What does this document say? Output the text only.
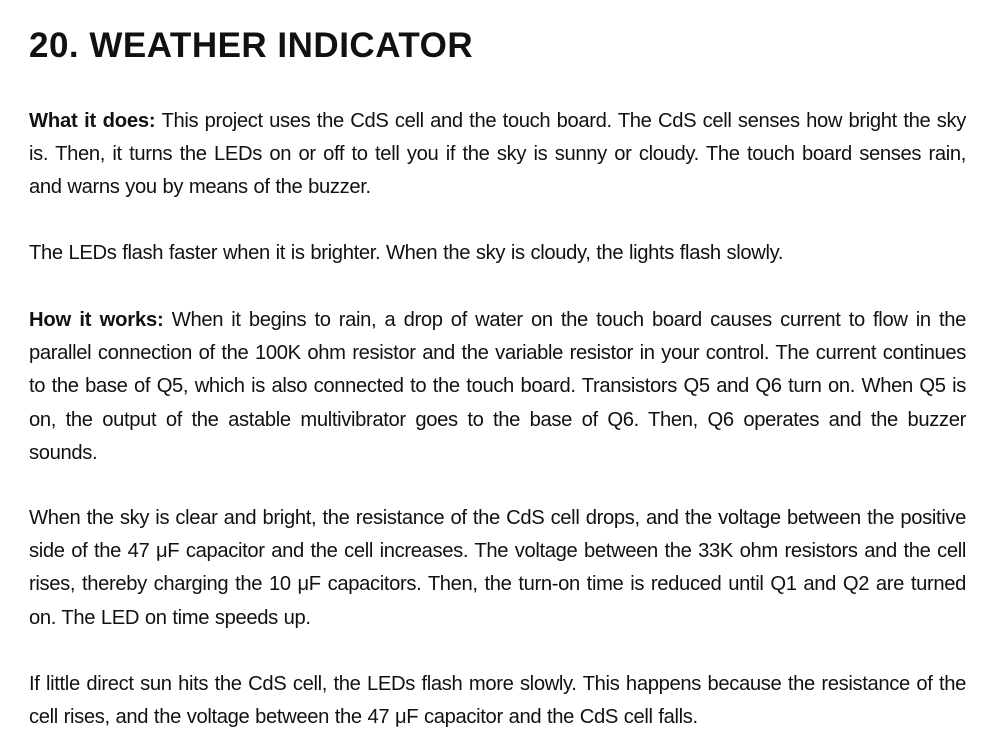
20. WEATHER INDICATOR

What it does: This project uses the CdS cell and the touch board. The CdS cell senses how bright the sky is. Then, it turns the LEDs on or off to tell you if the sky is sunny or cloudy. The touch board senses rain, and warns you by means of the buzzer.

The LEDs flash faster when it is brighter. When the sky is cloudy, the lights flash slowly.

How it works: When it begins to rain, a drop of water on the touch board causes current to flow in the parallel connection of the 100K ohm resistor and the variable resistor in your control. The current continues to the base of Q5, which is also connected to the touch board. Transistors Q5 and Q6 turn on. When Q5 is on, the output of the astable multivibrator goes to the base of Q6. Then, Q6 operates and the buzzer sounds.

When the sky is clear and bright, the resistance of the CdS cell drops, and the voltage between the positive side of the 47 μF capacitor and the cell increases. The voltage between the 33K ohm resistors and the cell rises, thereby charging the 10 μF capacitors. Then, the turn-on time is reduced until Q1 and Q2 are turned on. The LED on time speeds up.

If little direct sun hits the CdS cell, the LEDs flash more slowly. This happens because the resistance of the cell rises, and the voltage between the 47 μF capacitor and the CdS cell falls.
